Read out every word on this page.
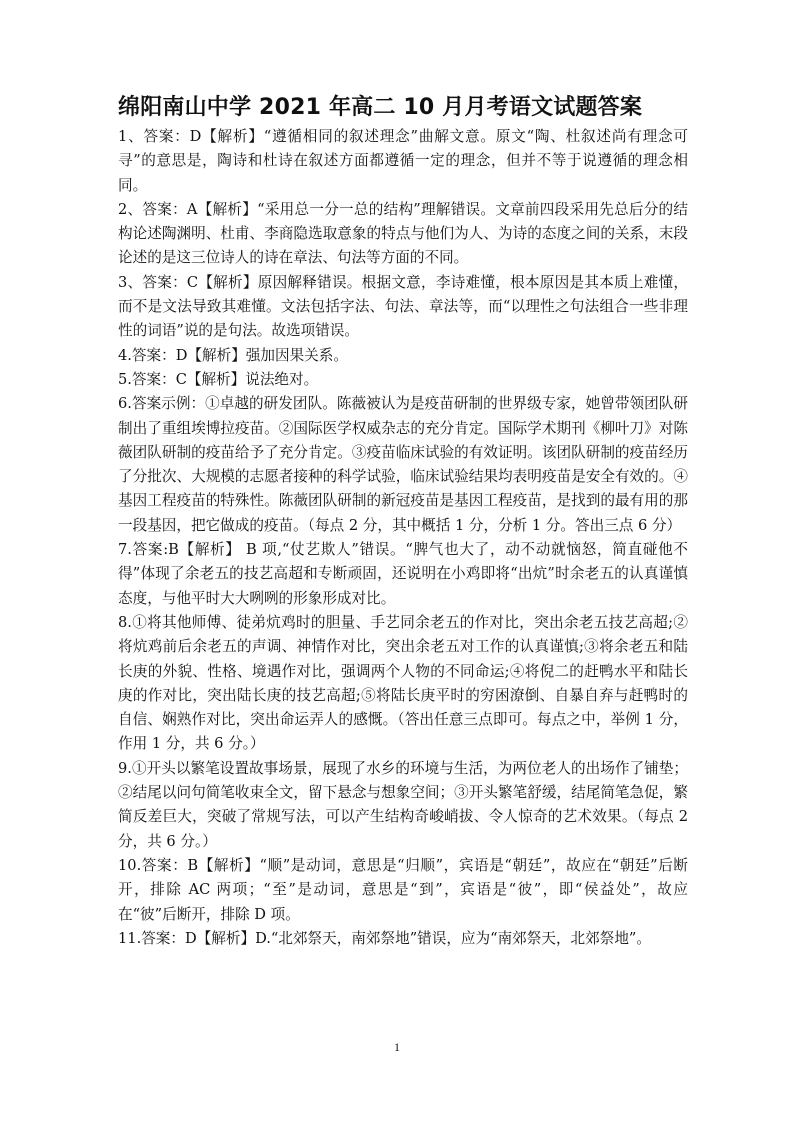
绵阳南山中学 2021 年高二 10 月月考语文试题答案

1、答案：D【解析】“遵循相同的叙述理念”曲解文意。原文“陶、杜叙述尚有理念可寻”的意思是，陶诗和杜诗在叙述方面都遵循一定的理念，但并不等于说遵循的理念相同。

2、答案：A【解析】“采用总一分一总的结构”理解错误。文章前四段采用先总后分的结构论述陶渊明、杜甫、李商隐选取意象的特点与他们为人、为诗的态度之间的关系，末段论述的是这三位诗人的诗在章法、句法等方面的不同。

3、答案：C【解析】原因解释错误。根据文意，李诗难懂，根本原因是其本质上难懂，而不是文法导致其难懂。文法包括字法、句法、章法等，而“以理性之句法组合一些非理性的词语”说的是句法。故选项错误。

4.答案：D【解析】强加因果关系。

5.答案：C【解析】说法绝对。

6.答案示例：①卓越的研发团队。陈薇被认为是疫苗研制的世界级专家，她曾带领团队研制出了重组埃博拉疫苗。②国际医学权威杂志的充分肯定。国际学术期刊《柳叶刀》对陈薇团队研制的疫苗给予了充分肯定。③疫苗临床试验的有效证明。该团队研制的疫苗经历了分批次、大规模的志愿者接种的科学试验，临床试验结果均表明疫苗是安全有效的。④基因工程疫苗的特殊性。陈薇团队研制的新冠疫苗是基因工程疫苗，是找到的最有用的那一段基因，把它做成的疫苗。（每点 2 分，其中概括 1 分，分析 1 分。答出三点 6 分）

7.答案:B【解析】 B 项,“仗艺欺人”错误。“脾气也大了，动不动就恼怒，简直碰他不得”体现了余老五的技艺高超和专断顽固，还说明在小鸡即将“出炕”时余老五的认真谨慎态度，与他平时大大咧咧的形象形成对比。

8.①将其他师傅、徒弟炕鸡时的胆量、手艺同余老五的作对比，突出余老五技艺高超;②将炕鸡前后余老五的声调、神情作对比，突出余老五对工作的认真谨慎;③将余老五和陆长庚的外貌、性格、境遇作对比，强调两个人物的不同命运;④将倪二的赶鸭水平和陆长庚的作对比，突出陆长庚的技艺高超;⑤将陆长庚平时的穷困潦倒、自暴自弃与赶鸭时的自信、娴熟作对比，突出命运弄人的感慨。（答出任意三点即可。每点之中，举例 1 分，作用 1 分，共 6 分。）

9.①开头以繁笔设置故事场景，展现了水乡的环境与生活，为两位老人的出场作了铺垫；②结尾以问句简笔收束全文，留下悬念与想象空间；③开头繁笔舒缓，结尾简笔急促，繁简反差巨大，突破了常规写法，可以产生结构奇峻峭拔、令人惊奇的艺术效果。（每点 2 分，共 6 分。）

10.答案：B【解析】“顺”是动词，意思是“归顺”，宾语是“朝廷”，故应在“朝廷”后断开，排除 AC 两项；“至”是动词，意思是“到”，宾语是“彼”，即“侯益处”，故应在“彼”后断开，排除 D 项。

11.答案：D【解析】D.“北郊祭天，南郊祭地”错误，应为“南郊祭天，北郊祭地”。

1
